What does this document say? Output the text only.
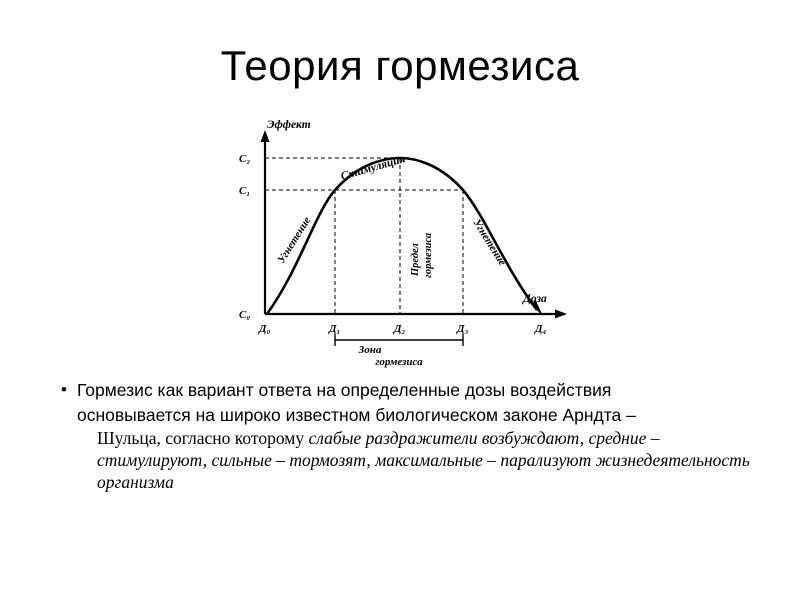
Теория гормезиса
Эффект
Доза
С₀
С₁
С₂
Д₀	Д₁	Д₂	Д₃	Д₄
Стимуляция
Угнетение	Угнетение
Предел гормезиса
Зона
гормезиса
• Гормезис как вариант ответа на определенные дозы воздействия
основывается на широко известном биологическом законе Арндта –
Шульца, согласно которому слабые раздражители возбуждают, средние – стимулируют, сильные – тормозят, максимальные – парализуют жизнедеятельность организма
